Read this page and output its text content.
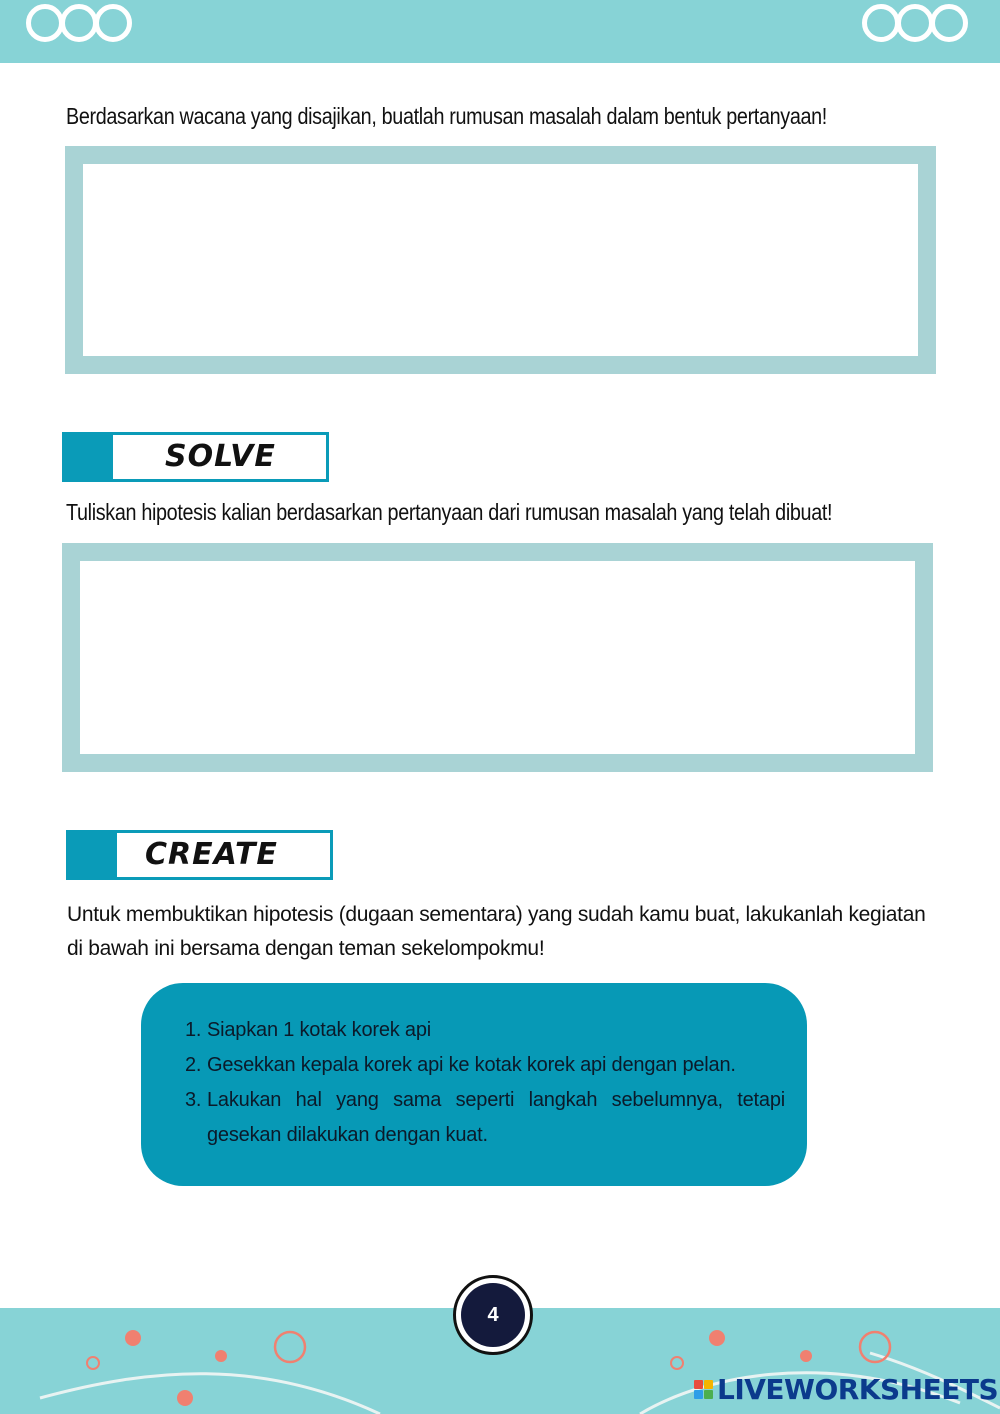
Berdasarkan wacana yang disajikan, buatlah rumusan masalah dalam bentuk pertanyaan!
SOLVE
Tuliskan hipotesis kalian berdasarkan pertanyaan dari rumusan masalah yang telah dibuat!
CREATE
Untuk membuktikan hipotesis (dugaan sementara) yang sudah kamu buat, lakukanlah kegiatan di bawah ini bersama dengan teman sekelompokmu!
1. Siapkan 1 kotak korek api
2. Gesekkan kepala korek api ke kotak korek api dengan pelan.
3. Lakukan hal yang sama seperti langkah sebelumnya, tetapi gesekan dilakukan dengan kuat.
4
LIVEWORKSHEETS
